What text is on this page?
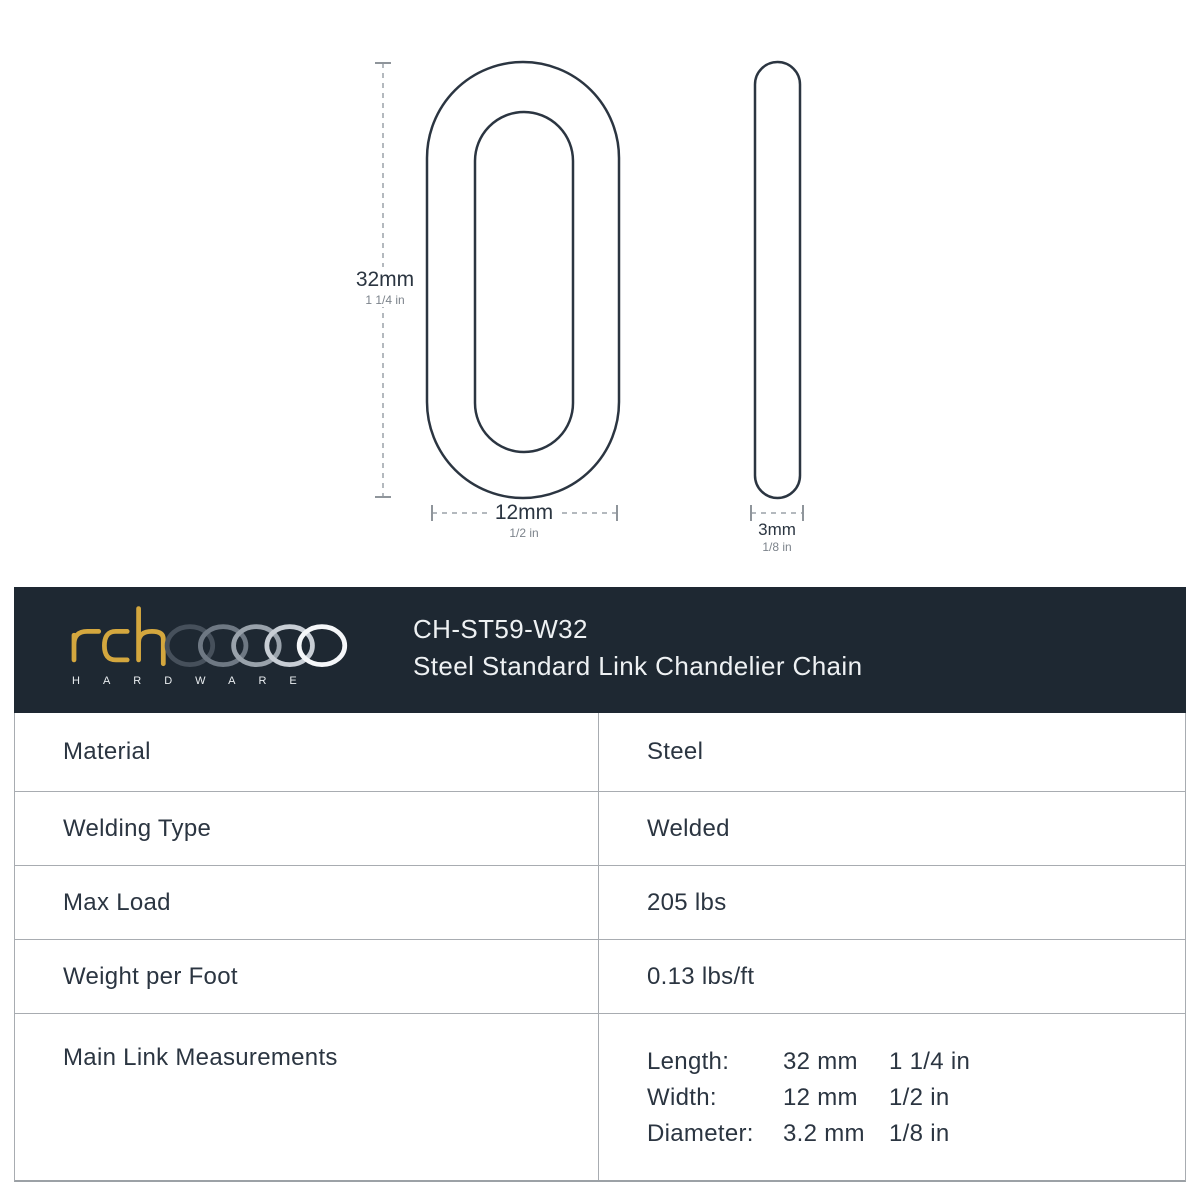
32mm
1 1/4 in
12mm
1/2 in	3mm
1/8 in
HARDWARE
CH-ST59-W32
Steel Standard Link Chandelier Chain
Material	Steel
Welding Type	Welded
Max Load	205 lbs
Weight per Foot	0.13 lbs/ft
Main Link Measurements	Length:	32 mm	1 1/4 in
Width:	12 mm	1/2 in
Diameter:	3.2 mm	1/8 in
